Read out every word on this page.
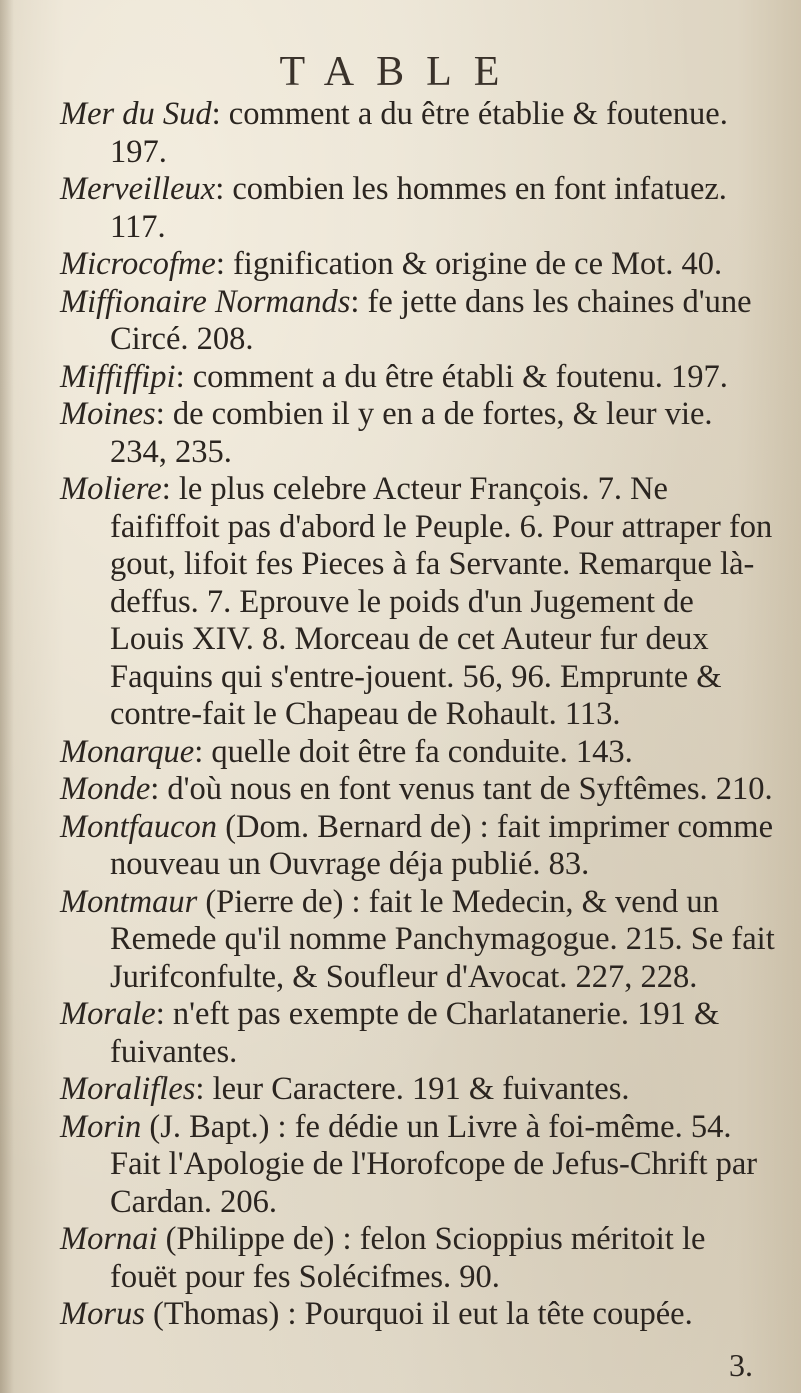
TABLE

Mer du Sud: comment a du être établie & foutenue. 197.

Merveilleux: combien les hommes en font infatuez. 117.

Microcofme: fignification & origine de ce Mot. 40.

Miffionaire Normands: fe jette dans les chaines d'une Circé. 208.

Miffiffipi: comment a du être établi & foutenu. 197.

Moines: de combien il y en a de fortes, & leur vie. 234, 235.

Moliere: le plus celebre Acteur François. 7. Ne faififfoit pas d'abord le Peuple. 6. Pour attraper fon gout, lifoit fes Pieces à fa Servante. Remarque là-deffus. 7. Eprouve le poids d'un Jugement de Louis XIV. 8. Morceau de cet Auteur fur deux Faquins qui s'entre-jouent. 56, 96. Emprunte & contre-fait le Chapeau de Rohault. 113.

Monarque: quelle doit être fa conduite. 143.

Monde: d'où nous en font venus tant de Syftêmes. 210.

Montfaucon (Dom. Bernard de) : fait imprimer comme nouveau un Ouvrage déja publié. 83.

Montmaur (Pierre de) : fait le Medecin, & vend un Remede qu'il nomme Panchymagogue. 215. Se fait Jurifconfulte, & Soufleur d'Avocat. 227, 228.

Morale: n'eft pas exempte de Charlatanerie. 191 & fuivantes.

Moralifles: leur Caractere. 191 & fuivantes.

Morin (J. Bapt.) : fe dédie un Livre à foi-même. 54. Fait l'Apologie de l'Horofcope de Jefus-Chrift par Cardan. 206.

Mornai (Philippe de) : felon Scioppius méritoit le fouët pour fes Solécifmes. 90.

Morus (Thomas) : Pourquoi il eut la tête coupée.

3.
